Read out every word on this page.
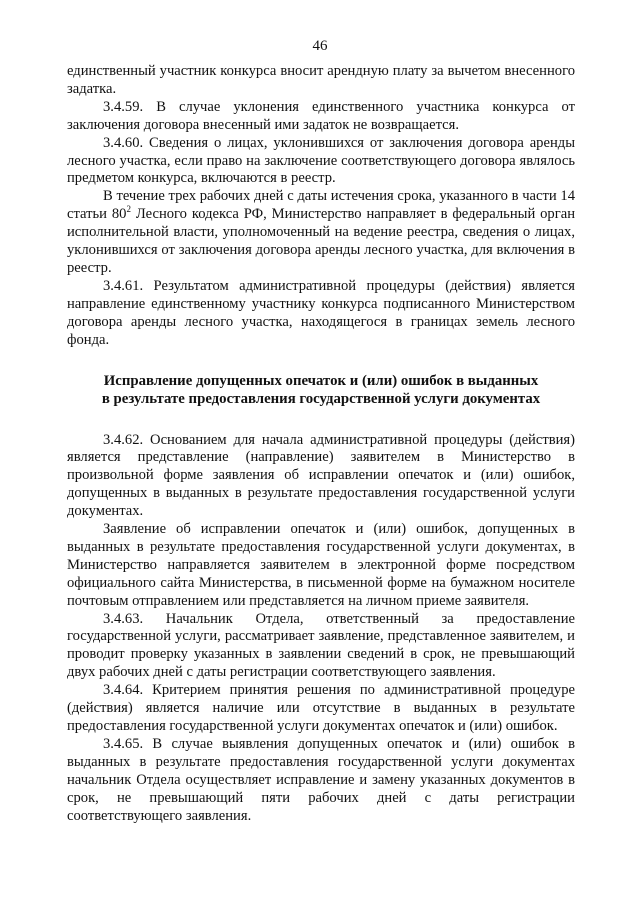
46

единственный участник конкурса вносит арендную плату за вычетом внесенного задатка.

3.4.59. В случае уклонения единственного участника конкурса от заключения договора внесенный ими задаток не возвращается.

3.4.60. Сведения о лицах, уклонившихся от заключения договора аренды лесного участка, если право на заключение соответствующего договора являлось предметом конкурса, включаются в реестр.

В течение трех рабочих дней с даты истечения срока, указанного в части 14 статьи $80^2$ Лесного кодекса РФ, Министерство направляет в федеральный орган исполнительной власти, уполномоченный на ведение реестра, сведения о лицах, уклонившихся от заключения договора аренды лесного участка, для включения в реестр.

3.4.61. Результатом административной процедуры (действия) является направление единственному участнику конкурса подписанного Министерством договора аренды лесного участка, находящегося в границах земель лесного фонда.

Исправление допущенных опечаток и (или) ошибок в выданных
в результате предоставления государственной услуги документах

3.4.62. Основанием для начала административной процедуры (действия) является представление (направление) заявителем в Министерство в произвольной форме заявления об исправлении опечаток и (или) ошибок, допущенных в выданных в результате предоставления государственной услуги документах.

Заявление об исправлении опечаток и (или) ошибок, допущенных в выданных в результате предоставления государственной услуги документах, в Министерство направляется заявителем в электронной форме посредством официального сайта Министерства, в письменной форме на бумажном носителе почтовым отправлением или представляется на личном приеме заявителя.

3.4.63. Начальник Отдела, ответственный за предоставление государственной услуги, рассматривает заявление, представленное заявителем, и проводит проверку указанных в заявлении сведений в срок, не превышающий двух рабочих дней с даты регистрации соответствующего заявления.

3.4.64. Критерием принятия решения по административной процедуре (действия) является наличие или отсутствие в выданных в результате предоставления государственной услуги документах опечаток и (или) ошибок.

3.4.65. В случае выявления допущенных опечаток и (или) ошибок в выданных в результате предоставления государственной услуги документах начальник Отдела осуществляет исправление и замену указанных документов в срок, не превышающий пяти рабочих дней с даты регистрации соответствующего заявления.
